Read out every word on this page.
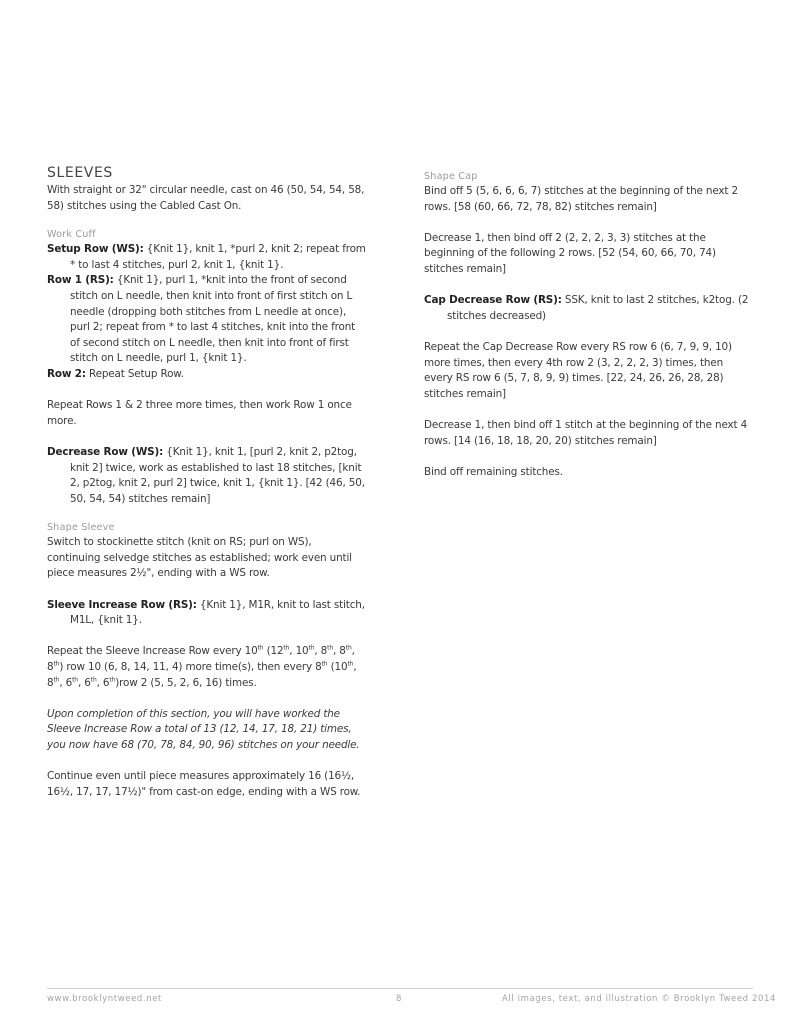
SLEEVES

With straight or 32" circular needle, cast on 46 (50, 54, 54, 58, 58) stitches using the Cabled Cast On.

Work Cuff

Setup Row (WS): {Knit 1}, knit 1, *purl 2, knit 2; repeat from * to last 4 stitches, purl 2, knit 1, {knit 1}.

Row 1 (RS): {Knit 1}, purl 1, *knit into the front of second stitch on L needle, then knit into front of first stitch on L needle (dropping both stitches from L needle at once), purl 2; repeat from * to last 4 stitches, knit into the front of second stitch on L needle, then knit into front of first stitch on L needle, purl 1, {knit 1}.

Row 2: Repeat Setup Row.

Repeat Rows 1 & 2 three more times, then work Row 1 once more.

Decrease Row (WS): {Knit 1}, knit 1, [purl 2, knit 2, p2tog, knit 2] twice, work as established to last 18 stitches, [knit 2, p2tog, knit 2, purl 2] twice, knit 1, {knit 1}. [42 (46, 50, 50, 54, 54) stitches remain]

Shape Sleeve

Switch to stockinette stitch (knit on RS; purl on WS), continuing selvedge stitches as established; work even until piece measures 2½", ending with a WS row.

Sleeve Increase Row (RS): {Knit 1}, M1R, knit to last stitch, M1L, {knit 1}.

Repeat the Sleeve Increase Row every 10th (12th, 10th, 8th, 8th, 8th) row 10 (6, 8, 14, 11, 4) more time(s), then every 8th (10th, 8th, 6th, 6th, 6th)row 2 (5, 5, 2, 6, 16) times.

Upon completion of this section, you will have worked the Sleeve Increase Row a total of 13 (12, 14, 17, 18, 21) times, you now have 68 (70, 78, 84, 90, 96) stitches on your needle.

Continue even until piece measures approximately 16 (16½, 16½, 17, 17, 17½)" from cast-on edge, ending with a WS row.

Shape Cap

Bind off 5 (5, 6, 6, 6, 7) stitches at the beginning of the next 2 rows. [58 (60, 66, 72, 78, 82) stitches remain]

Decrease 1, then bind off 2 (2, 2, 2, 3, 3) stitches at the beginning of the following 2 rows. [52 (54, 60, 66, 70, 74) stitches remain]

Cap Decrease Row (RS): SSK, knit to last 2 stitches, k2tog. (2 stitches decreased)

Repeat the Cap Decrease Row every RS row 6 (6, 7, 9, 9, 10) more times, then every 4th row 2 (3, 2, 2, 2, 3) times, then every RS row 6 (5, 7, 8, 9, 9) times. [22, 24, 26, 26, 28, 28) stitches remain]

Decrease 1, then bind off 1 stitch at the beginning of the next 4 rows. [14 (16, 18, 18, 20, 20) stitches remain]

Bind off remaining stitches.

www.brooklyntweed.net	8	All images, text, and illustration © Brooklyn Tweed 2014
